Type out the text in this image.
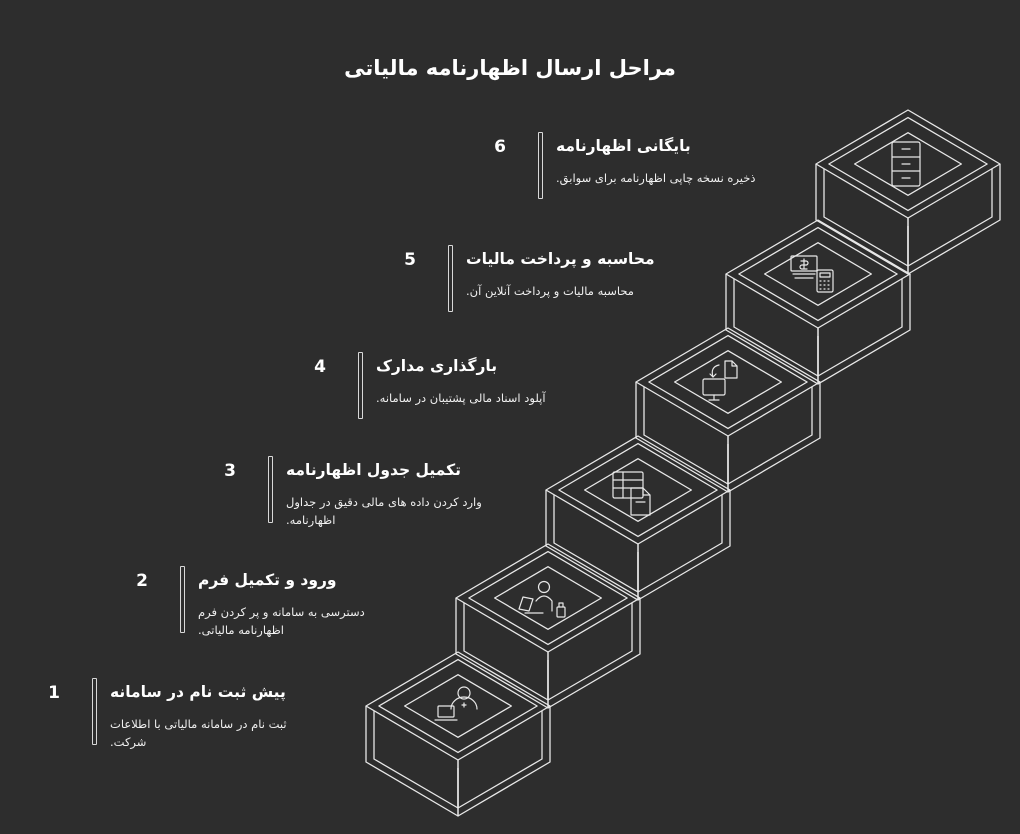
مراحل ارسال اظهارنامه مالیاتی
1	پیش ثبت نام در سامانه
ثبت نام در سامانه مالیاتی با اطلاعات شرکت.
2	ورود و تکمیل فرم
دسترسی به سامانه و پر کردن فرم اظهارنامه مالیاتی.
3	تکمیل جدول اظهارنامه
وارد کردن داده های مالی دقیق در جداول اظهارنامه.
4	بارگذاری مدارک
آپلود اسناد مالی پشتیبان در سامانه.
5	محاسبه و پرداخت مالیات
محاسبه مالیات و پرداخت آنلاین آن.
6	بایگانی اظهارنامه
ذخیره نسخه چاپی اظهارنامه برای سوابق.
